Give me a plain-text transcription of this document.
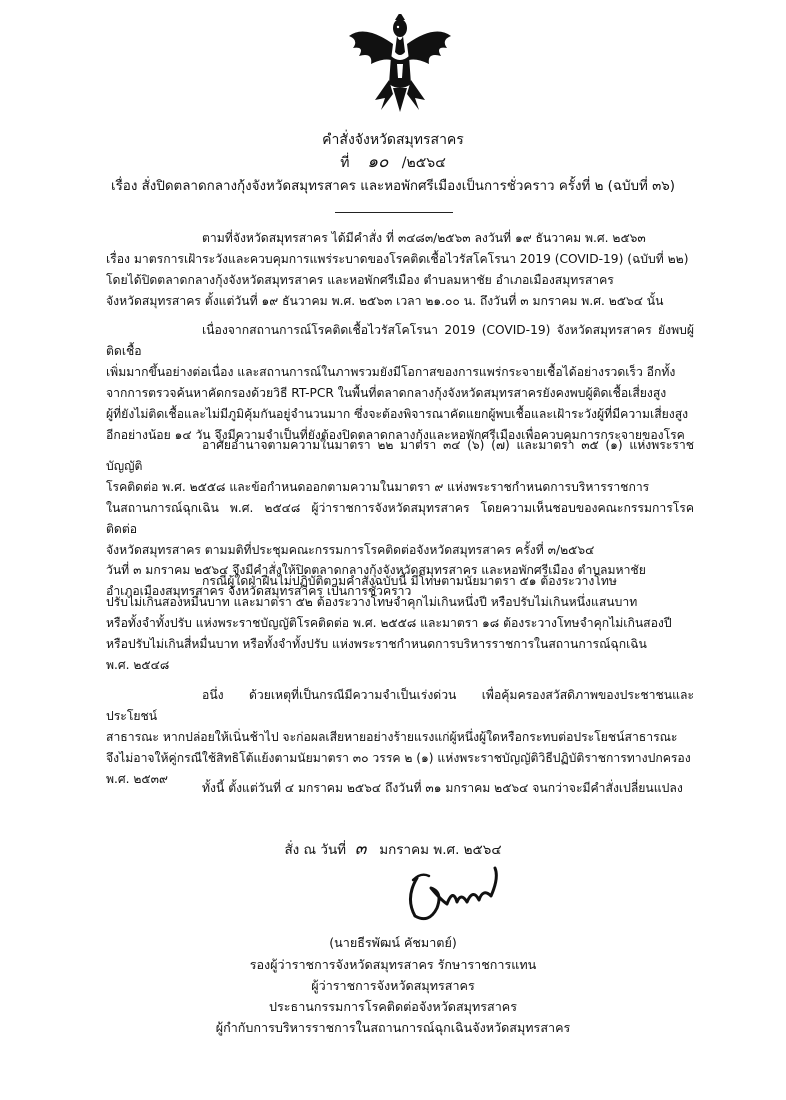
คำสั่งจังหวัดสมุทรสาคร
ที่ ๑๐ /๒๕๖๔
เรื่อง สั่งปิดตลาดกลางกุ้งจังหวัดสมุทรสาคร และหอพักศรีเมืองเป็นการชั่วคราว ครั้งที่ ๒ (ฉบับที่ ๓๖)
ตามที่จังหวัดสมุทรสาคร ได้มีคำสั่ง ที่ ๓๔๘๓/๒๕๖๓ ลงวันที่ ๑๙ ธันวาคม พ.ศ. ๒๕๖๓
เรื่อง มาตรการเฝ้าระวังและควบคุมการแพร่ระบาดของโรคติดเชื้อไวรัสโคโรนา 2019 (COVID-19) (ฉบับที่ ๒๒)
โดยได้ปิดตลาดกลางกุ้งจังหวัดสมุทรสาคร และหอพักศรีเมือง ตำบลมหาชัย อำเภอเมืองสมุทรสาคร
จังหวัดสมุทรสาคร ตั้งแต่วันที่ ๑๙ ธันวาคม พ.ศ. ๒๕๖๓ เวลา ๒๑.๐๐ น. ถึงวันที่ ๓ มกราคม พ.ศ. ๒๕๖๔ นั้น
เนื่องจากสถานการณ์โรคติดเชื้อไวรัสโคโรนา 2019 (COVID-19) จังหวัดสมุทรสาคร ยังพบผู้ติดเชื้อ
เพิ่มมากขึ้นอย่างต่อเนื่อง และสถานการณ์ในภาพรวมยังมีโอกาสของการแพร่กระจายเชื้อได้อย่างรวดเร็ว อีกทั้ง
จากการตรวจค้นหาคัดกรองด้วยวิธี RT-PCR ในพื้นที่ตลาดกลางกุ้งจังหวัดสมุทรสาครยังคงพบผู้ติดเชื้อเสี่ยงสูง
ผู้ที่ยังไม่ติดเชื้อและไม่มีภูมิคุ้มกันอยู่จำนวนมาก ซึ่งจะต้องพิจารณาคัดแยกผู้พบเชื้อและเฝ้าระวังผู้ที่มีความเสี่ยงสูง
อีกอย่างน้อย ๑๔ วัน จึงมีความจำเป็นที่ยังต้องปิดตลาดกลางกุ้งและหอพักศรีเมืองเพื่อควบคุมการกระจายของโรค
อาศัยอำนาจตามความในมาตรา ๒๒ มาตรา ๓๔ (๖) (๗) และมาตรา ๓๕ (๑) แห่งพระราชบัญญัติ
โรคติดต่อ พ.ศ. ๒๕๕๘ และข้อกำหนดออกตามความในมาตรา ๙ แห่งพระราชกำหนดการบริหารราชการ
ในสถานการณ์ฉุกเฉิน พ.ศ. ๒๕๔๘ ผู้ว่าราชการจังหวัดสมุทรสาคร โดยความเห็นชอบของคณะกรรมการโรคติดต่อ
จังหวัดสมุทรสาคร ตามมติที่ประชุมคณะกรรมการโรคติดต่อจังหวัดสมุทรสาคร ครั้งที่ ๓/๒๕๖๔
วันที่ ๓ มกราคม ๒๕๖๔ จึงมีคำสั่งให้ปิดตลาดกลางกุ้งจังหวัดสมุทรสาคร และหอพักศรีเมือง ตำบลมหาชัย
อำเภอเมืองสมุทรสาคร จังหวัดสมุทรสาคร เป็นการชั่วคราว
กรณีผู้ใดฝ่าฝืนไม่ปฏิบัติตามคำสั่งฉบับนี้ มีโทษตามนัยมาตรา ๕๑ ต้องระวางโทษ
ปรับไม่เกินสองหมื่นบาท และมาตรา ๕๒ ต้องระวางโทษจำคุกไม่เกินหนึ่งปี หรือปรับไม่เกินหนึ่งแสนบาท
หรือทั้งจำทั้งปรับ แห่งพระราชบัญญัติโรคติดต่อ พ.ศ. ๒๕๕๘ และมาตรา ๑๘ ต้องระวางโทษจำคุกไม่เกินสองปี
หรือปรับไม่เกินสี่หมื่นบาท หรือทั้งจำทั้งปรับ แห่งพระราชกำหนดการบริหารราชการในสถานการณ์ฉุกเฉิน
พ.ศ. ๒๕๔๘
อนึ่ง ด้วยเหตุที่เป็นกรณีมีความจำเป็นเร่งด่วน เพื่อคุ้มครองสวัสดิภาพของประชาชนและประโยชน์
สาธารณะ หากปล่อยให้เนิ่นช้าไป จะก่อผลเสียหายอย่างร้ายแรงแก่ผู้หนึ่งผู้ใดหรือกระทบต่อประโยชน์สาธารณะ
จึงไม่อาจให้คู่กรณีใช้สิทธิโต้แย้งตามนัยมาตรา ๓๐ วรรค ๒ (๑) แห่งพระราชบัญญัติวิธีปฏิบัติราชการทางปกครอง
พ.ศ. ๒๕๓๙
ทั้งนี้ ตั้งแต่วันที่ ๔ มกราคม ๒๕๖๔ ถึงวันที่ ๓๑ มกราคม ๒๕๖๔ จนกว่าจะมีคำสั่งเปลี่ยนแปลง
สั่ง ณ วันที่ ๓ มกราคม พ.ศ. ๒๕๖๔
(นายธีรพัฒน์ คัชมาตย์)
รองผู้ว่าราชการจังหวัดสมุทรสาคร รักษาราชการแทน
ผู้ว่าราชการจังหวัดสมุทรสาคร
ประธานกรรมการโรคติดต่อจังหวัดสมุทรสาคร
ผู้กำกับการบริหารราชการในสถานการณ์ฉุกเฉินจังหวัดสมุทรสาคร
